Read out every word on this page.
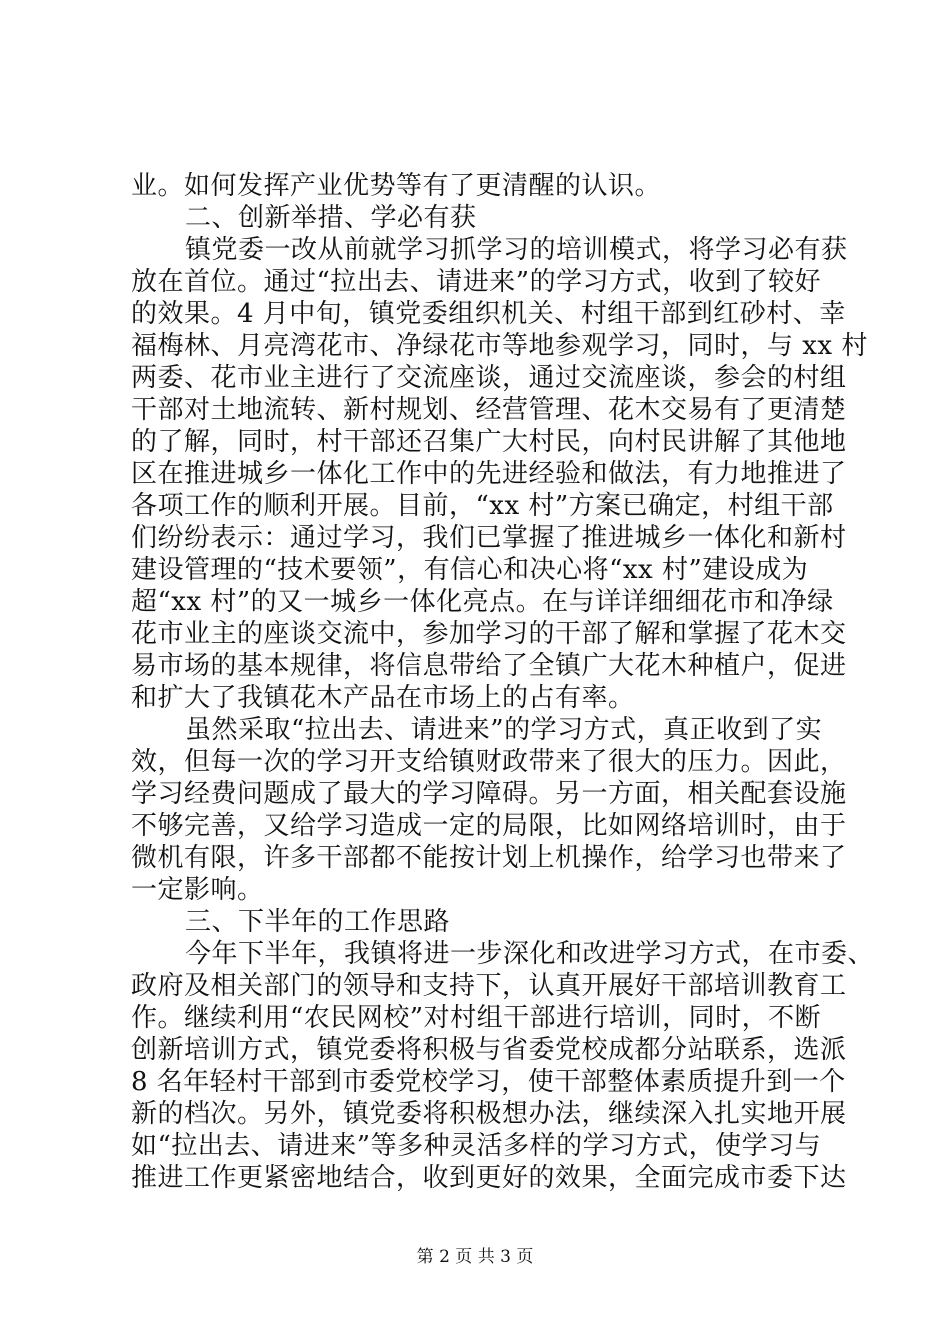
业。如何发挥产业优势等有了更清醒的认识。
二、创新举措、学必有获
镇党委一改从前就学习抓学习的培训模式，将学习必有获
放在首位。通过“拉出去、请进来”的学习方式，收到了较好
的效果。4 月中旬，镇党委组织机关、村组干部到红砂村、幸
福梅林、月亮湾花市、净绿花市等地参观学习，同时，与 xx 村
两委、花市业主进行了交流座谈，通过交流座谈，参会的村组
干部对土地流转、新村规划、经营管理、花木交易有了更清楚
的了解，同时，村干部还召集广大村民，向村民讲解了其他地
区在推进城乡一体化工作中的先进经验和做法，有力地推进了
各项工作的顺利开展。目前，“xx 村”方案已确定，村组干部
们纷纷表示：通过学习，我们已掌握了推进城乡一体化和新村
建设管理的“技术要领”，有信心和决心将“xx 村”建设成为
超“xx 村”的又一城乡一体化亮点。在与详详细细花市和净绿
花市业主的座谈交流中，参加学习的干部了解和掌握了花木交
易市场的基本规律，将信息带给了全镇广大花木种植户，促进
和扩大了我镇花木产品在市场上的占有率。
虽然采取“拉出去、请进来”的学习方式，真正收到了实
效，但每一次的学习开支给镇财政带来了很大的压力。因此，
学习经费问题成了最大的学习障碍。另一方面，相关配套设施
不够完善，又给学习造成一定的局限，比如网络培训时，由于
微机有限，许多干部都不能按计划上机操作，给学习也带来了
一定影响。
三、下半年的工作思路
今年下半年，我镇将进一步深化和改进学习方式，在市委、
政府及相关部门的领导和支持下，认真开展好干部培训教育工
作。继续利用“农民网校”对村组干部进行培训，同时，不断
创新培训方式，镇党委将积极与省委党校成都分站联系，选派
8 名年轻村干部到市委党校学习，使干部整体素质提升到一个
新的档次。另外，镇党委将积极想办法，继续深入扎实地开展
如“拉出去、请进来”等多种灵活多样的学习方式，使学习与
推进工作更紧密地结合，收到更好的效果，全面完成市委下达
第 2 页 共 3 页
